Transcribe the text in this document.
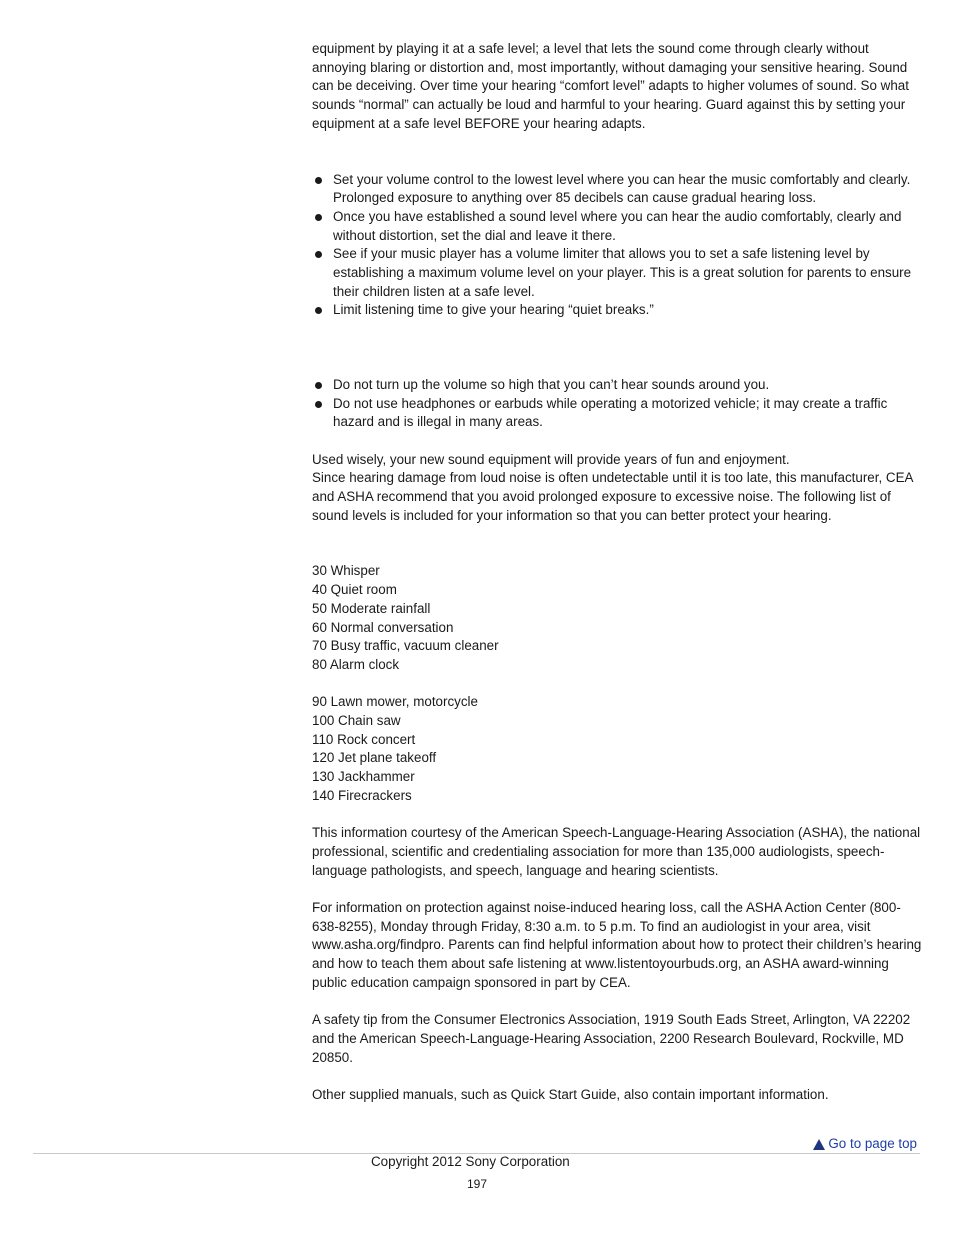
equipment by playing it at a safe level; a level that lets the sound come through clearly without annoying blaring or distortion and, most importantly, without damaging your sensitive hearing. Sound can be deceiving. Over time your hearing “comfort level” adapts to higher volumes of sound. So what sounds “normal” can actually be loud and harmful to your hearing. Guard against this by setting your equipment at a safe level BEFORE your hearing adapts.

Set your volume control to the lowest level where you can hear the music comfortably and clearly. Prolonged exposure to anything over 85 decibels can cause gradual hearing loss.
Once you have established a sound level where you can hear the audio comfortably, clearly and without distortion, set the dial and leave it there.
See if your music player has a volume limiter that allows you to set a safe listening level by establishing a maximum volume level on your player. This is a great solution for parents to ensure their children listen at a safe level.
Limit listening time to give your hearing “quiet breaks.”
Do not turn up the volume so high that you can’t hear sounds around you.
Do not use headphones or earbuds while operating a motorized vehicle; it may create a traffic hazard and is illegal in many areas.

Used wisely, your new sound equipment will provide years of fun and enjoyment.

Since hearing damage from loud noise is often undetectable until it is too late, this manufacturer, CEA and ASHA recommend that you avoid prolonged exposure to excessive noise. The following list of sound levels is included for your information so that you can better protect your hearing.

30 Whisper
40 Quiet room
50 Moderate rainfall
60 Normal conversation
70 Busy traffic, vacuum cleaner
80 Alarm clock
90 Lawn mower, motorcycle
100 Chain saw
110 Rock concert
120 Jet plane takeoff
130 Jackhammer
140 Firecrackers

This information courtesy of the American Speech-Language-Hearing Association (ASHA), the national professional, scientific and credentialing association for more than 135,000 audiologists, speech-language pathologists, and speech, language and hearing scientists.

For information on protection against noise-induced hearing loss, call the ASHA Action Center (800-638-8255), Monday through Friday, 8:30 a.m. to 5 p.m. To find an audiologist in your area, visit www.asha.org/findpro. Parents can find helpful information about how to protect their children’s hearing and how to teach them about safe listening at www.listentoyourbuds.org, an ASHA award-winning public education campaign sponsored in part by CEA.

A safety tip from the Consumer Electronics Association, 1919 South Eads Street, Arlington, VA 22202 and the American Speech-Language-Hearing Association, 2200 Research Boulevard, Rockville, MD 20850.

Other supplied manuals, such as Quick Start Guide, also contain important information.

Go to page top
Copyright 2012 Sony Corporation
197
